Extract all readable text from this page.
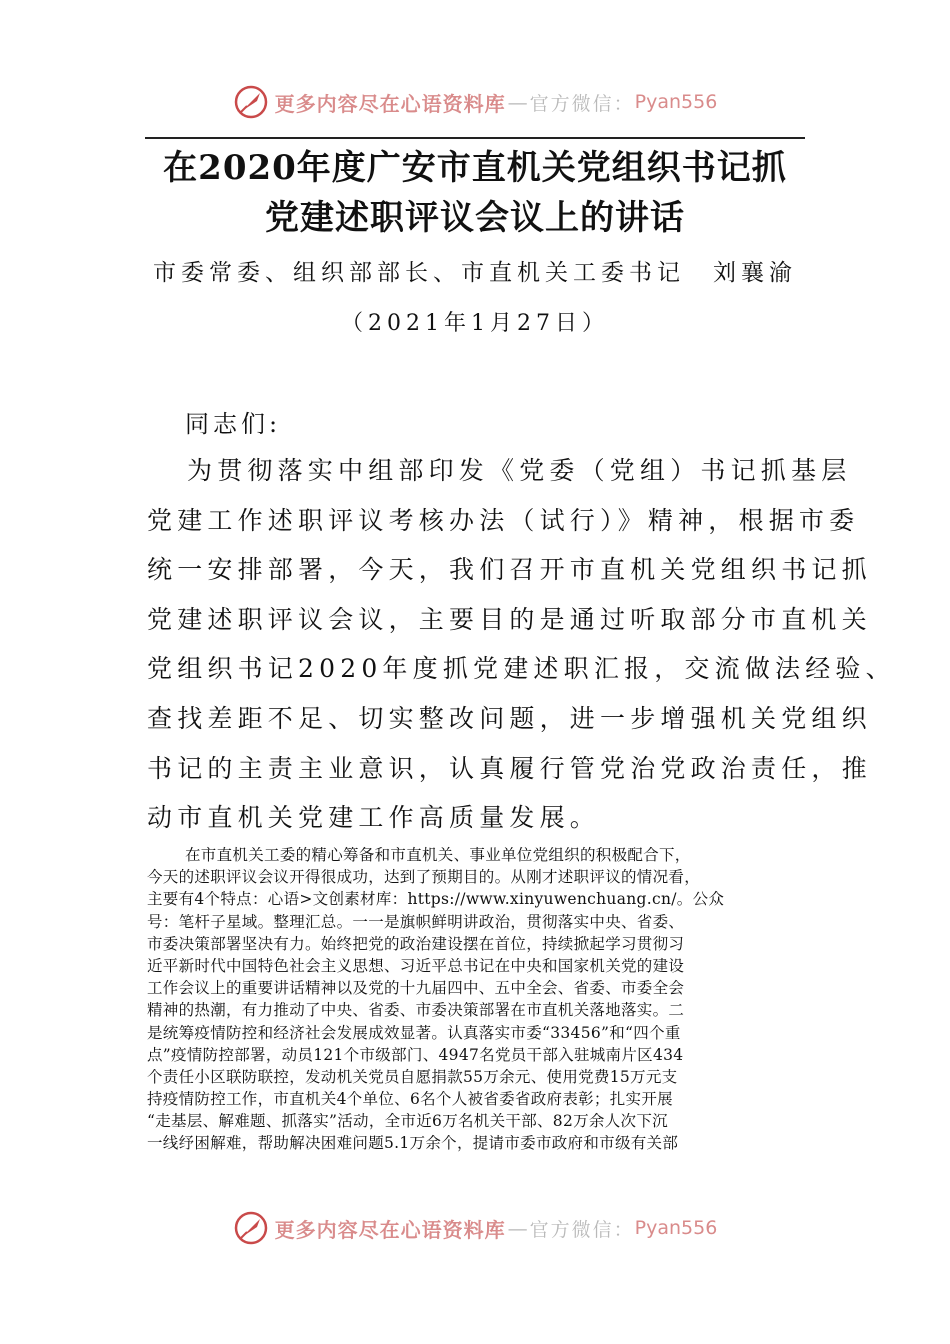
更多内容尽在心语资料库 — 官方微信： Pyan556
在2020年度广安市直机关党组织书记抓
党建述职评议会议上的讲话
市委常委、组织部部长、市直机关工委书记　刘襄渝
（2021年1月27日）
同志们:
为贯彻落实中组部印发《党委（党组）书记抓基层
党建工作述职评议考核办法（试行）》精神，根据市委
统一安排部署，今天，我们召开市直机关党组织书记抓
党建述职评议会议，主要目的是通过听取部分市直机关
党组织书记2020年度抓党建述职汇报，交流做法经验、
查找差距不足、切实整改问题，进一步增强机关党组织
书记的主责主业意识，认真履行管党治党政治责任，推
动市直机关党建工作高质量发展。
在市直机关工委的精心筹备和市直机关、事业单位党组织的积极配合下，
今天的述职评议会议开得很成功，达到了预期目的。从刚才述职评议的情况看，
主要有4个特点：心语>文创素材库：https://www.xinyuwenchuang.cn/。公众
号：笔杆子星域。整理汇总。一一是旗帜鲜明讲政治，贯彻落实中央、省委、
市委决策部署坚决有力。始终把党的政治建设摆在首位，持续掀起学习贯彻习
近平新时代中国特色社会主义思想、习近平总书记在中央和国家机关党的建设
工作会议上的重要讲话精神以及党的十九届四中、五中全会、省委、市委全会
精神的热潮，有力推动了中央、省委、市委决策部署在市直机关落地落实。二
是统筹疫情防控和经济社会发展成效显著。认真落实市委“33456”和“四个重
点”疫情防控部署，动员121个市级部门、4947名党员干部入驻城南片区434
个责任小区联防联控，发动机关党员自愿捐款55万余元、使用党费15万元支
持疫情防控工作，市直机关4个单位、6名个人被省委省政府表彰；扎实开展
“走基层、解难题、抓落实”活动，全市近6万名机关干部、82万余人次下沉
一线纾困解难，帮助解决困难问题5.1万余个，提请市委市政府和市级有关部
更多内容尽在心语资料库 — 官方微信： Pyan556
